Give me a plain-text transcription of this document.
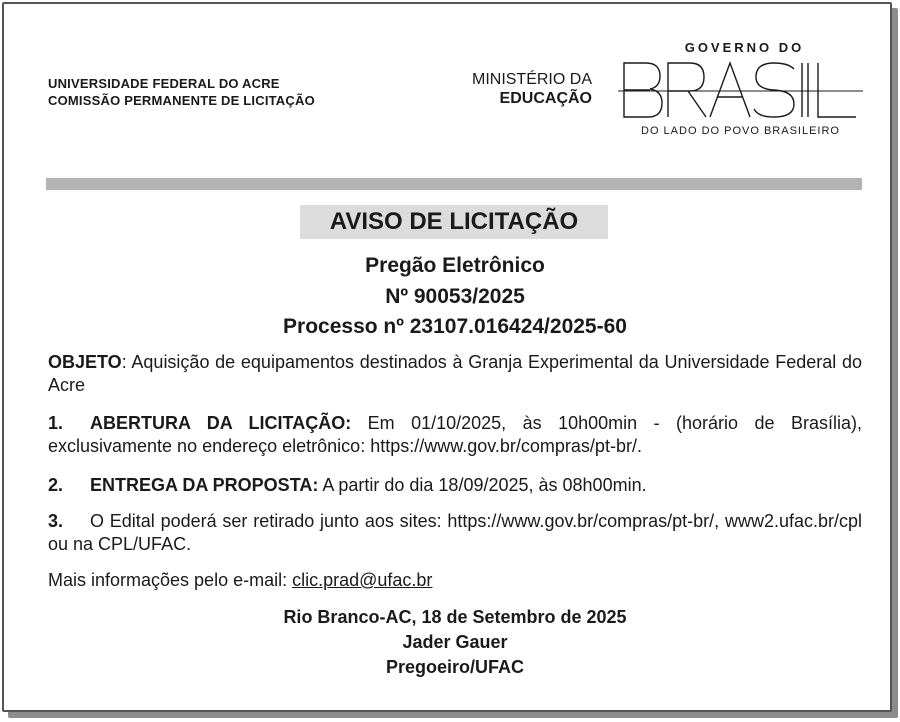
UNIVERSIDADE FEDERAL DO ACRE
COMISSÃO PERMANENTE DE LICITAÇÃO
MINISTÉRIO DA
EDUCAÇÃO
GOVERNO DO
DO LADO DO POVO BRASILEIRO
AVISO DE LICITAÇÃO
Pregão Eletrônico
Nº 90053/2025
Processo nº 23107.016424/2025-60
OBJETO: Aquisição de equipamentos destinados à Granja Experimental da Universidade Federal do Acre
1. ABERTURA DA LICITAÇÃO: Em 01/10/2025, às 10h00min - (horário de Brasília), exclusivamente no endereço eletrônico: https://www.gov.br/compras/pt-br/.
2. ENTREGA DA PROPOSTA: A partir do dia 18/09/2025, às 08h00min.
3. O Edital poderá ser retirado junto aos sites: https://www.gov.br/compras/pt-br/, www2.ufac.br/cpl ou na CPL/UFAC.
Mais informações pelo e-mail: clic.prad@ufac.br
Rio Branco-AC, 18 de Setembro de 2025
Jader Gauer
Pregoeiro/UFAC
